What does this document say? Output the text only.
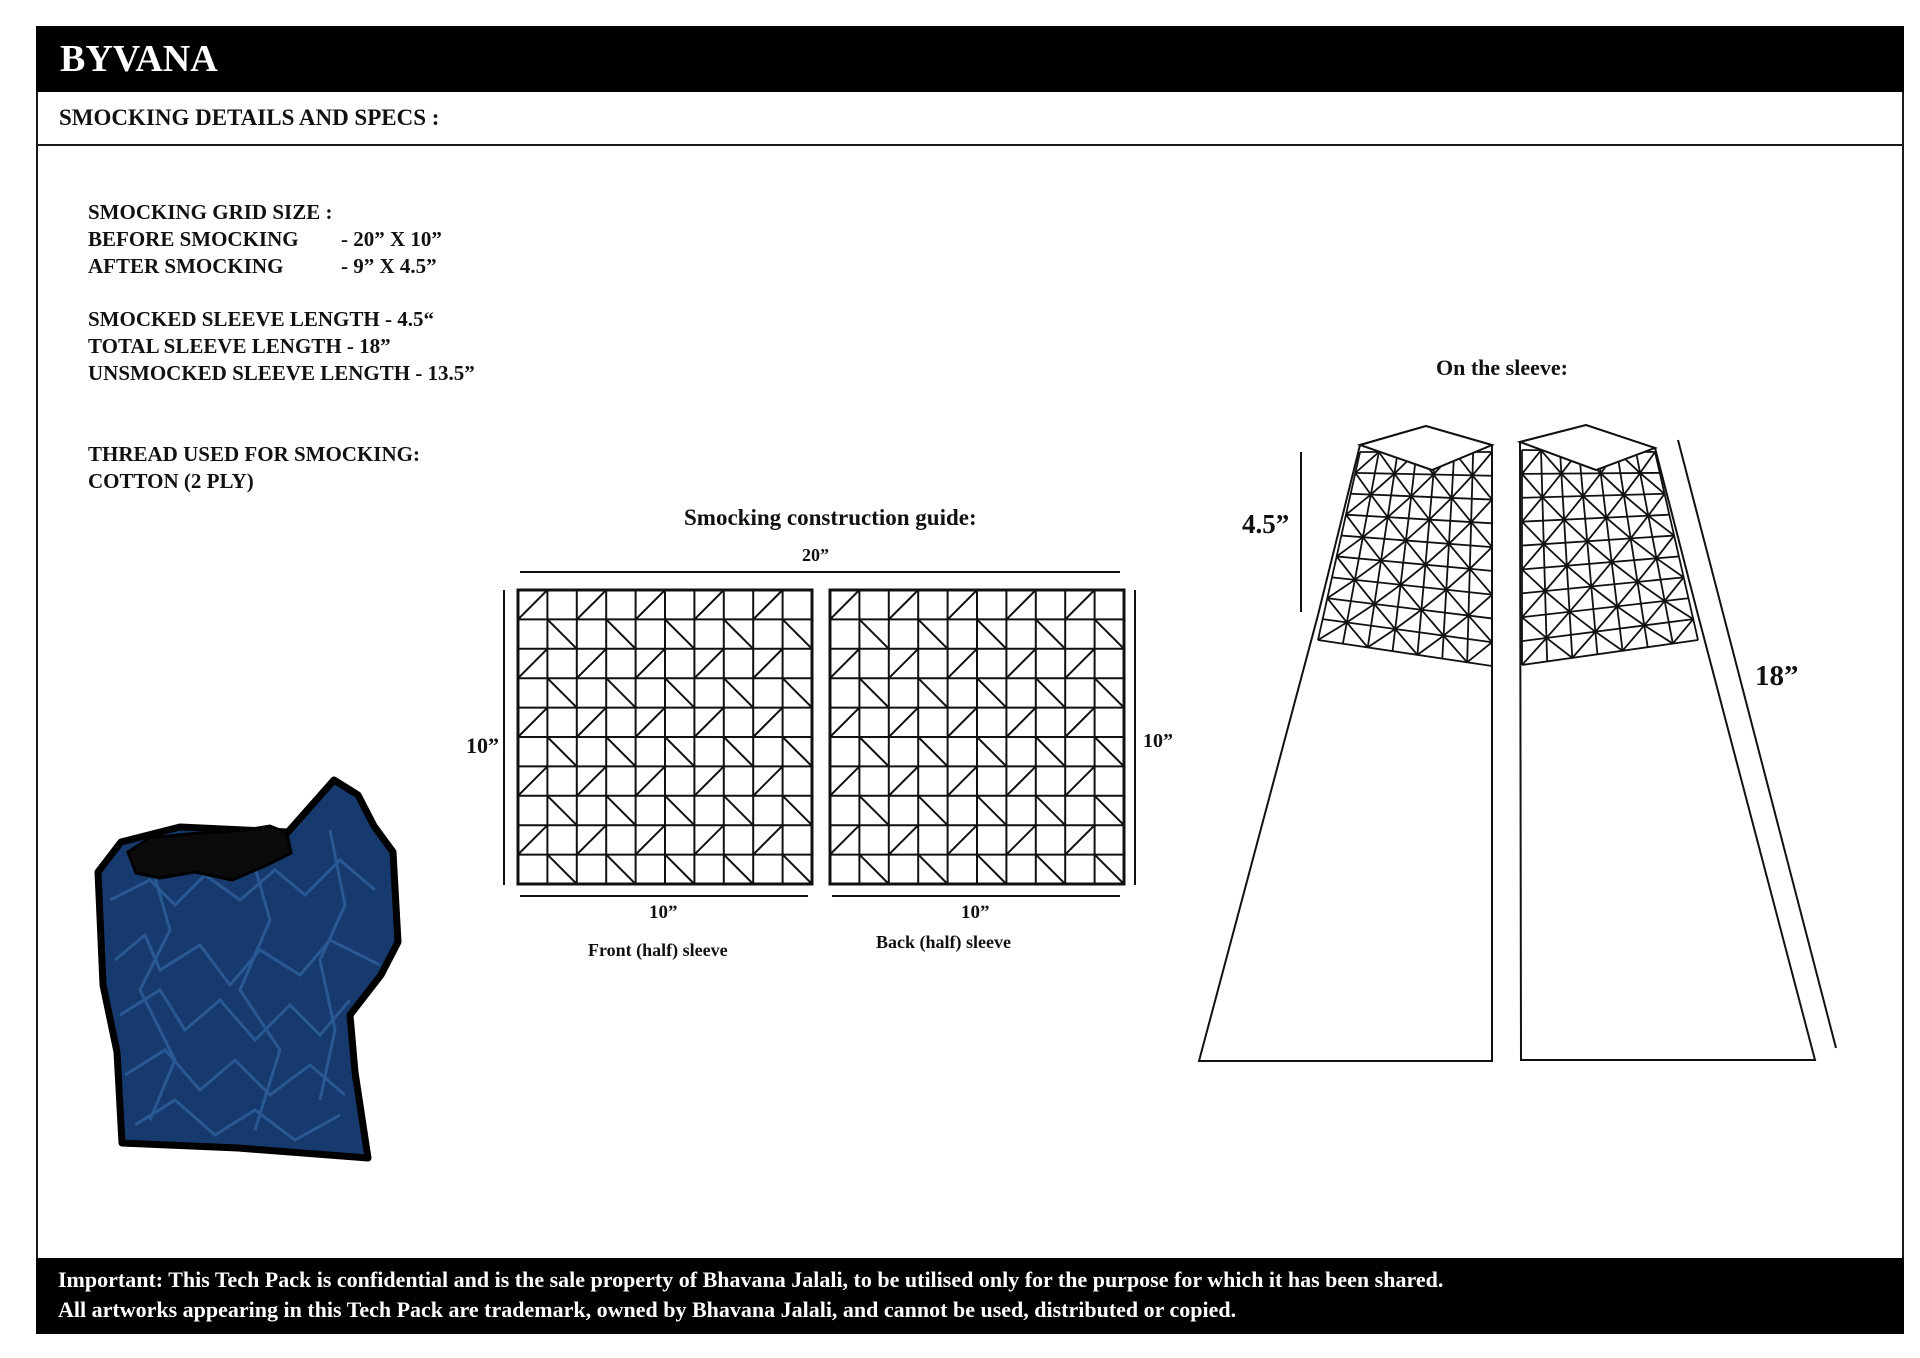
BYVANA
SMOCKING DETAILS AND SPECS :
SMOCKING GRID SIZE :
BEFORE SMOCKING - 20” X 10”
AFTER SMOCKING	- 9” X 4.5”
SMOCKED SLEEVE LENGTH - 4.5“
TOTAL SLEEVE LENGTH - 18”
UNSMOCKED SLEEVE LENGTH - 13.5”
THREAD USED FOR SMOCKING:
COTTON (2 PLY)
Smocking construction guide:
20”
10”	10”
10”	10”
Front (half) sleeve	Back (half) sleeve
On the sleeve:
4.5”
18”
Important: This Tech Pack is confidential and is the sale property of Bhavana Jalali, to be utilised only for the purpose for which it has been shared.
All artworks appearing in this Tech Pack are trademark, owned by Bhavana Jalali, and cannot be used, distributed or copied.
